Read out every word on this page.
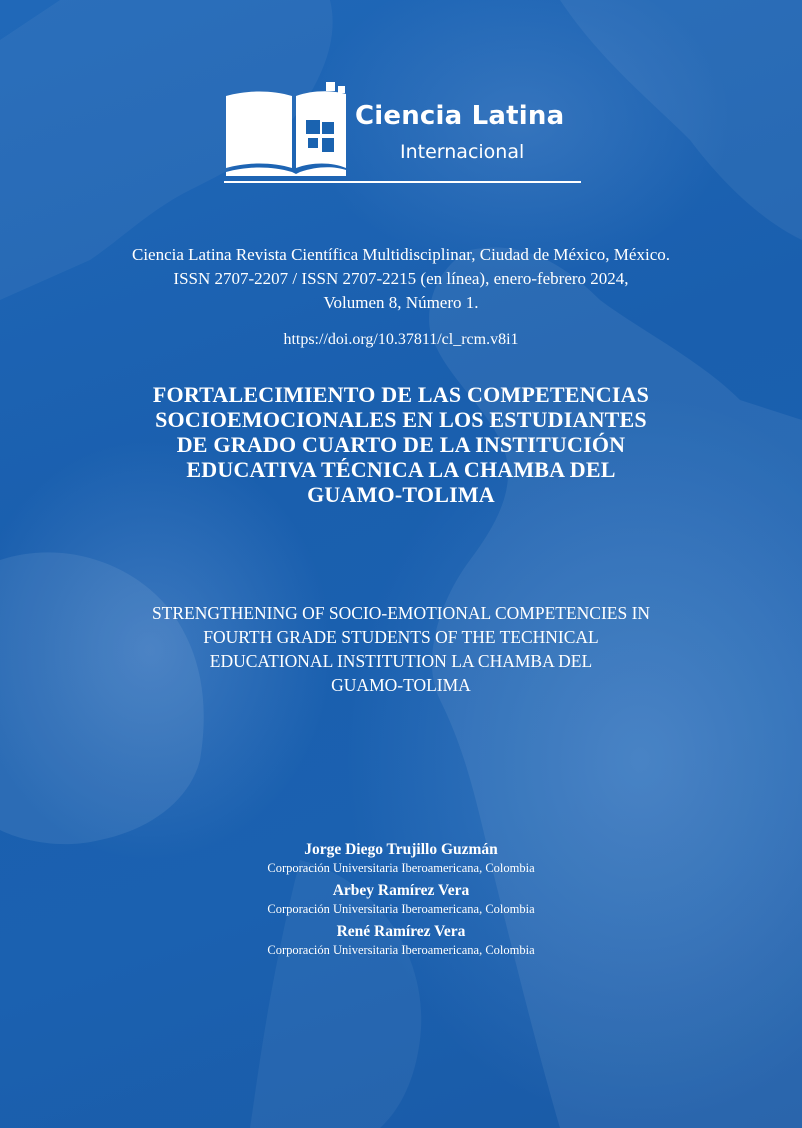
Ciencia Latina
Internacional
Ciencia Latina Revista Científica Multidisciplinar, Ciudad de México, México.
ISSN 2707-2207 / ISSN 2707-2215 (en línea), enero-febrero 2024,
Volumen 8, Número 1.
https://doi.org/10.37811/cl_rcm.v8i1
FORTALECIMIENTO DE LAS COMPETENCIAS
SOCIOEMOCIONALES EN LOS ESTUDIANTES
DE GRADO CUARTO DE LA INSTITUCIÓN
EDUCATIVA TÉCNICA LA CHAMBA DEL
GUAMO-TOLIMA
STRENGTHENING OF SOCIO-EMOTIONAL COMPETENCIES IN
FOURTH GRADE STUDENTS OF THE TECHNICAL
EDUCATIONAL INSTITUTION LA CHAMBA DEL
GUAMO-TOLIMA
Jorge Diego Trujillo Guzmán
Corporación Universitaria Iberoamericana, Colombia
Arbey Ramírez Vera
Corporación Universitaria Iberoamericana, Colombia
René Ramírez Vera
Corporación Universitaria Iberoamericana, Colombia
